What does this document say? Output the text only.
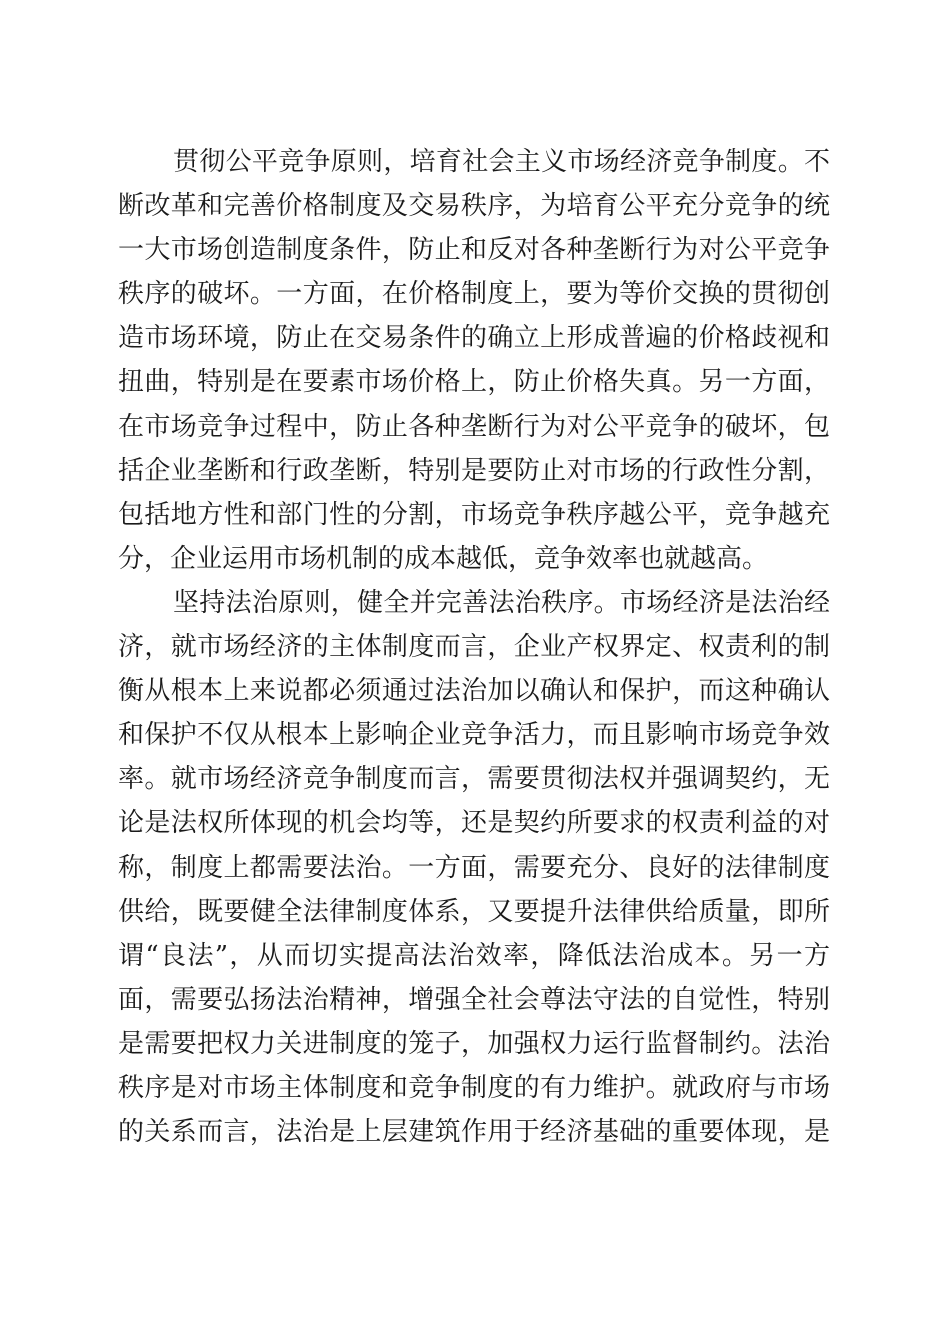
贯彻公平竞争原则，培育社会主义市场经济竞争制度。不
断改革和完善价格制度及交易秩序，为培育公平充分竞争的统
一大市场创造制度条件，防止和反对各种垄断行为对公平竞争
秩序的破坏。一方面，在价格制度上，要为等价交换的贯彻创
造市场环境，防止在交易条件的确立上形成普遍的价格歧视和
扭曲，特别是在要素市场价格上，防止价格失真。另一方面，
在市场竞争过程中，防止各种垄断行为对公平竞争的破坏，包
括企业垄断和行政垄断，特别是要防止对市场的行政性分割，
包括地方性和部门性的分割，市场竞争秩序越公平，竞争越充
分，企业运用市场机制的成本越低，竞争效率也就越高。
坚持法治原则，健全并完善法治秩序。市场经济是法治经
济，就市场经济的主体制度而言，企业产权界定、权责利的制
衡从根本上来说都必须通过法治加以确认和保护，而这种确认
和保护不仅从根本上影响企业竞争活力，而且影响市场竞争效
率。就市场经济竞争制度而言，需要贯彻法权并强调契约，无
论是法权所体现的机会均等，还是契约所要求的权责利益的对
称，制度上都需要法治。一方面，需要充分、良好的法律制度
供给，既要健全法律制度体系，又要提升法律供给质量，即所
谓“良法”，从而切实提高法治效率，降低法治成本。另一方
面，需要弘扬法治精神，增强全社会尊法守法的自觉性，特别
是需要把权力关进制度的笼子，加强权力运行监督制约。法治
秩序是对市场主体制度和竞争制度的有力维护。就政府与市场
的关系而言，法治是上层建筑作用于经济基础的重要体现，是
